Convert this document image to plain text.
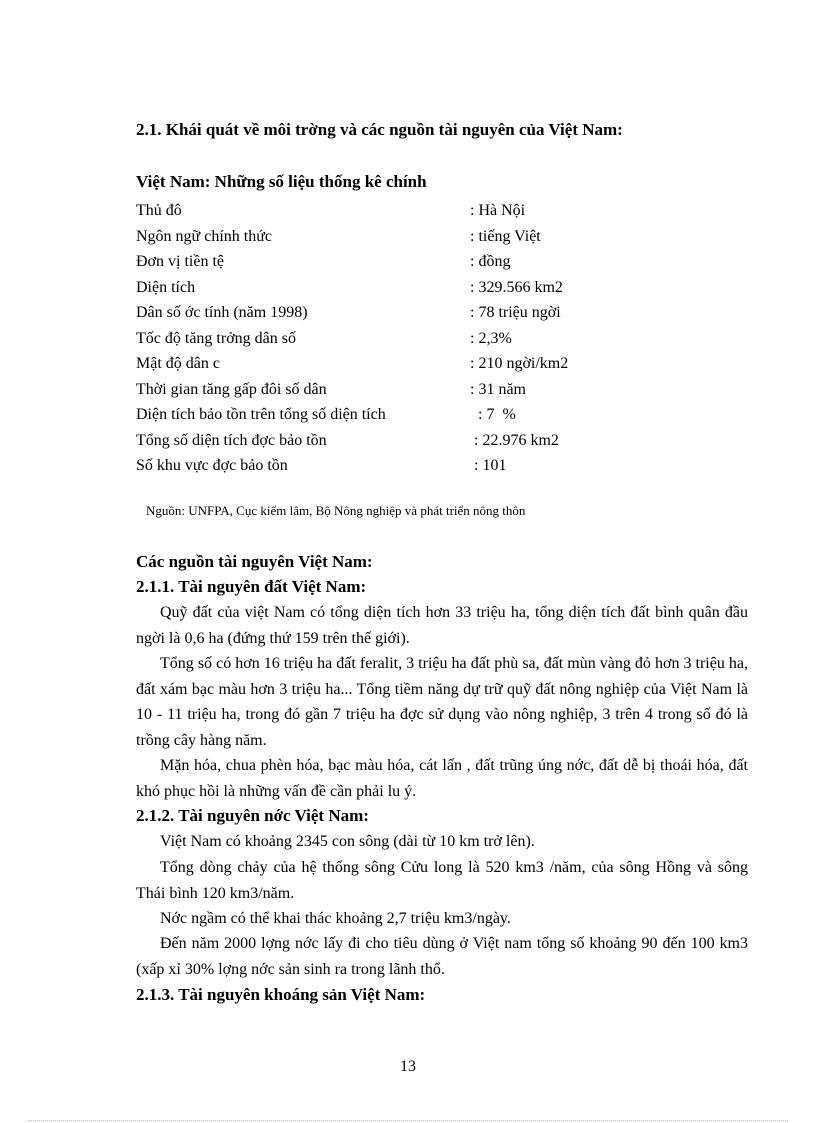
2.1. Khái quát về môi trờng và các nguồn tài nguyên của Việt Nam:
Việt Nam: Những số liệu thống kê chính
Thủ đô	: Hà Nội
Ngôn ngữ chính thức	: tiếng Việt
Đơn vị tiền tệ	: đồng
Diện tích	: 329.566 km2
Dân số ớc tính (năm 1998)	: 78 triệu ngời
Tốc độ tăng trởng dân số	: 2,3%
Mật độ dân c	: 210 ngời/km2
Thời gian tăng gấp đôi số dân	: 31 năm
Diện tích bảo tồn trên tổng số diện tích	: 7  %
Tổng số diện tích đợc bảo tồn	: 22.976 km2
Số khu vực đợc bảo tồn	: 101
Nguồn: UNFPA, Cục kiểm lâm, Bộ Nông nghiệp và phát triển nông thôn
Các nguồn tài nguyên Việt Nam:
2.1.1. Tài nguyên đất Việt Nam:

Quỹ đất của việt Nam có tổng diện tích hơn 33 triệu ha, tổng diện tích đất bình quân đầu ngời là 0,6 ha (đứng thứ 159 trên thế giới).

Tổng số có hơn 16 triệu ha đất feralit, 3 triệu ha đất phù sa, đất mùn vàng đỏ hơn 3 triệu ha, đất xám bạc màu hơn 3 triệu ha... Tổng tiềm năng dự trữ quỹ đất nông nghiệp của Việt Nam là 10 - 11 triệu ha, trong đó gần 7 triệu ha đợc sử dụng vào nông nghiệp, 3 trên 4 trong số đó là trồng cây hàng năm.

Mặn hóa, chua phèn hóa, bạc màu hóa, cát lấn , đất trũng úng nớc, đất dễ bị thoái hóa, đất khó phục hồi là những vấn đề cần phải lu ý.

2.1.2. Tài nguyên nớc Việt Nam:

Việt Nam có khoảng 2345 con sông (dài từ 10 km trở lên).

Tổng dòng chảy của hệ thống sông Cửu long là 520 km3 /năm, của sông Hồng và sông Thái bình 120 km3/năm.

Nớc ngầm có thể khai thác khoảng 2,7 triệu km3/ngày.

Đến năm 2000 lợng nớc lấy đi cho tiêu dùng ở Việt nam tổng số khoảng 90 đến 100 km3 (xấp xỉ 30% lợng nớc sản sinh ra trong lãnh thổ.

2.1.3. Tài nguyên khoáng sản Việt Nam:
13
